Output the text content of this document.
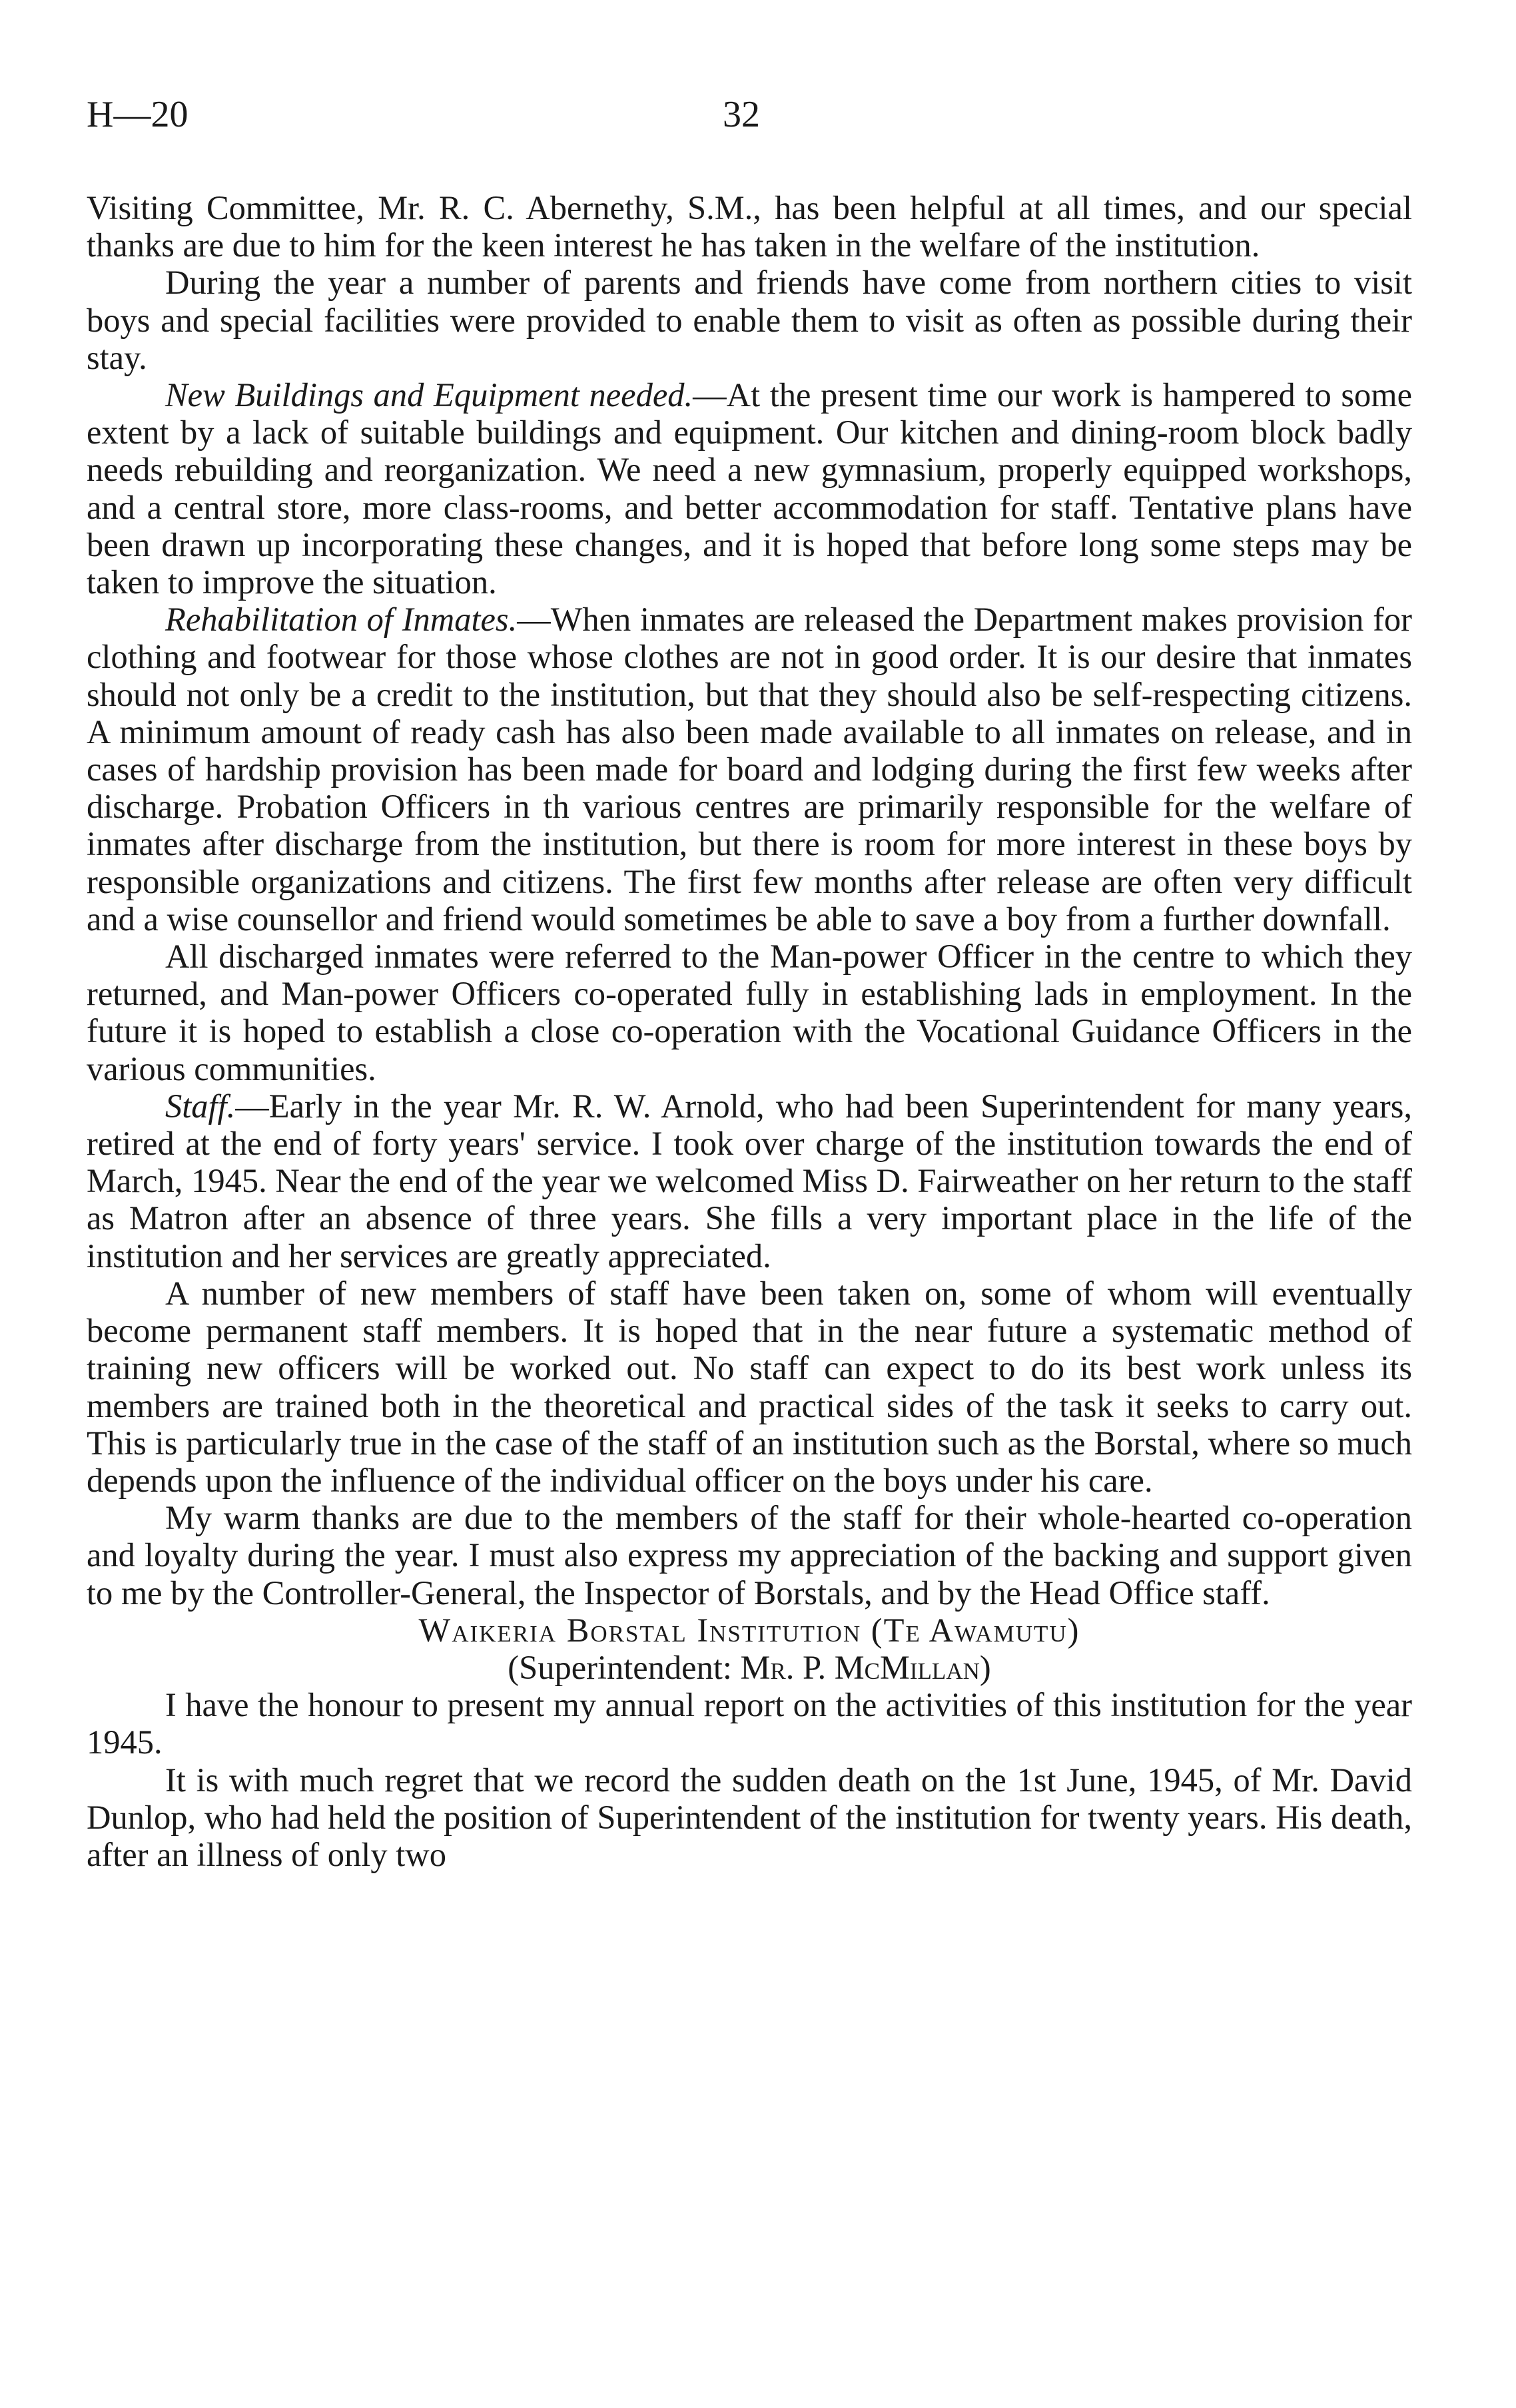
H—20	32

Visiting Committee, Mr. R. C. Abernethy, S.M., has been helpful at all times, and our special thanks are due to him for the keen interest he has taken in the welfare of the institution.

During the year a number of parents and friends have come from northern cities to visit boys and special facilities were provided to enable them to visit as often as possible during their stay.

New Buildings and Equipment needed.—At the present time our work is hampered to some extent by a lack of suitable buildings and equipment. Our kitchen and dining-room block badly needs rebuilding and reorganization. We need a new gymnasium, properly equipped workshops, and a central store, more class-rooms, and better accommodation for staff. Tentative plans have been drawn up incorporating these changes, and it is hoped that before long some steps may be taken to improve the situation.

Rehabilitation of Inmates.—When inmates are released the Department makes provision for clothing and footwear for those whose clothes are not in good order. It is our desire that inmates should not only be a credit to the institution, but that they should also be self-respecting citizens. A minimum amount of ready cash has also been made available to all inmates on release, and in cases of hardship provision has been made for board and lodging during the first few weeks after discharge. Probation Officers in th various centres are primarily responsible for the welfare of inmates after discharge from the institution, but there is room for more interest in these boys by responsible organizations and citizens. The first few months after release are often very difficult and a wise counsellor and friend would sometimes be able to save a boy from a further downfall.

All discharged inmates were referred to the Man-power Officer in the centre to which they returned, and Man-power Officers co-operated fully in establishing lads in employment. In the future it is hoped to establish a close co-operation with the Vocational Guidance Officers in the various communities.

Staff.—Early in the year Mr. R. W. Arnold, who had been Superintendent for many years, retired at the end of forty years' service. I took over charge of the institution towards the end of March, 1945. Near the end of the year we welcomed Miss D. Fairweather on her return to the staff as Matron after an absence of three years. She fills a very important place in the life of the institution and her services are greatly appreciated.

A number of new members of staff have been taken on, some of whom will eventually become permanent staff members. It is hoped that in the near future a systematic method of training new officers will be worked out. No staff can expect to do its best work unless its members are trained both in the theoretical and practical sides of the task it seeks to carry out. This is particularly true in the case of the staff of an institution such as the Borstal, where so much depends upon the influence of the individual officer on the boys under his care.

My warm thanks are due to the members of the staff for their whole-hearted co-operation and loyalty during the year. I must also express my appreciation of the backing and support given to me by the Controller-General, the Inspector of Borstals, and by the Head Office staff.

Waikeria Borstal Institution (Te Awamutu)

(Superintendent: Mr. P. McMillan)

I have the honour to present my annual report on the activities of this institution for the year 1945.

It is with much regret that we record the sudden death on the 1st June, 1945, of Mr. David Dunlop, who had held the position of Superintendent of the institution for twenty years. His death, after an illness of only two
